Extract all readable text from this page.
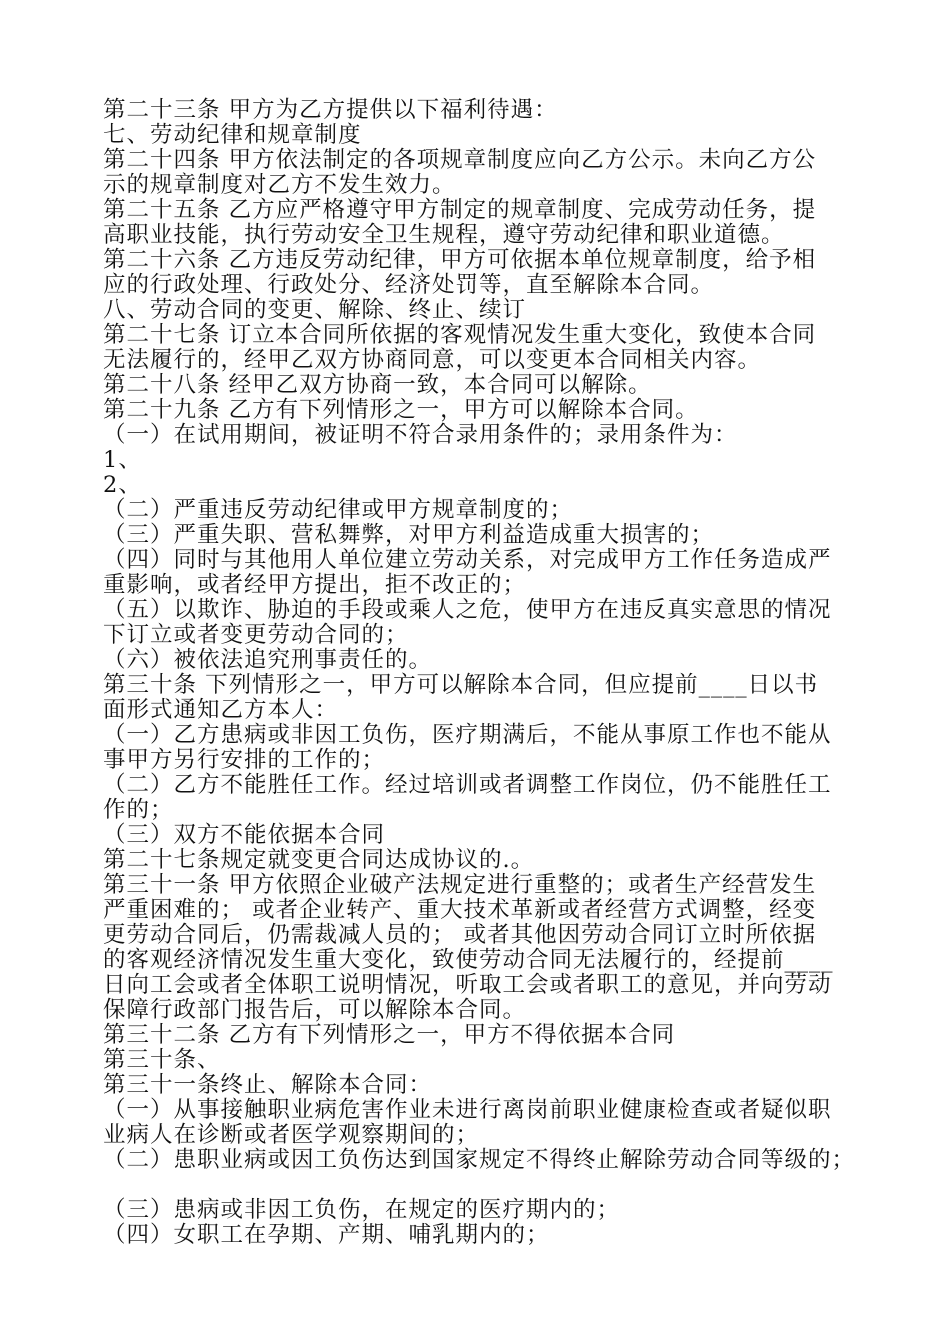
第二十三条 甲方为乙方提供以下福利待遇：
七、劳动纪律和规章制度
第二十四条 甲方依法制定的各项规章制度应向乙方公示。未向乙方公
示的规章制度对乙方不发生效力。
第二十五条 乙方应严格遵守甲方制定的规章制度、完成劳动任务，提
高职业技能，执行劳动安全卫生规程，遵守劳动纪律和职业道德。
第二十六条 乙方违反劳动纪律，甲方可依据本单位规章制度，给予相
应的行政处理、行政处分、经济处罚等，直至解除本合同。
八、劳动合同的变更、解除、终止、续订
第二十七条 订立本合同所依据的客观情况发生重大变化，致使本合同
无法履行的，经甲乙双方协商同意，可以变更本合同相关内容。
第二十八条 经甲乙双方协商一致，本合同可以解除。
第二十九条 乙方有下列情形之一，甲方可以解除本合同。
（一）在试用期间，被证明不符合录用条件的；录用条件为：
1、
2、
（二）严重违反劳动纪律或甲方规章制度的；
（三）严重失职、营私舞弊，对甲方利益造成重大损害的；
（四）同时与其他用人单位建立劳动关系，对完成甲方工作任务造成严
重影响，或者经甲方提出，拒不改正的；
（五）以欺诈、胁迫的手段或乘人之危，使甲方在违反真实意思的情况
下订立或者变更劳动合同的；
（六）被依法追究刑事责任的。
第三十条 下列情形之一，甲方可以解除本合同，但应提前____日以书
面形式通知乙方本人：
（一）乙方患病或非因工负伤，医疗期满后，不能从事原工作也不能从
事甲方另行安排的工作的；
（二）乙方不能胜任工作。经过培训或者调整工作岗位，仍不能胜任工
作的；
（三）双方不能依据本合同
第二十七条规定就变更合同达成协议的.。
第三十一条 甲方依照企业破产法规定进行重整的；或者生产经营发生
严重困难的； 或者企业转产、重大技术革新或者经营方式调整，经变
更劳动合同后，仍需裁减人员的； 或者其他因劳动合同订立时所依据
的客观经济情况发生重大变化，致使劳动合同无法履行的，经提前____
日向工会或者全体职工说明情况，听取工会或者职工的意见，并向劳动
保障行政部门报告后，可以解除本合同。
第三十二条 乙方有下列情形之一，甲方不得依据本合同
第三十条、
第三十一条终止、解除本合同：
（一）从事接触职业病危害作业未进行离岗前职业健康检查或者疑似职
业病人在诊断或者医学观察期间的；
（二）患职业病或因工负伤达到国家规定不得终止解除劳动合同等级的；
（三）患病或非因工负伤，在规定的医疗期内的；
（四）女职工在孕期、产期、哺乳期内的；
